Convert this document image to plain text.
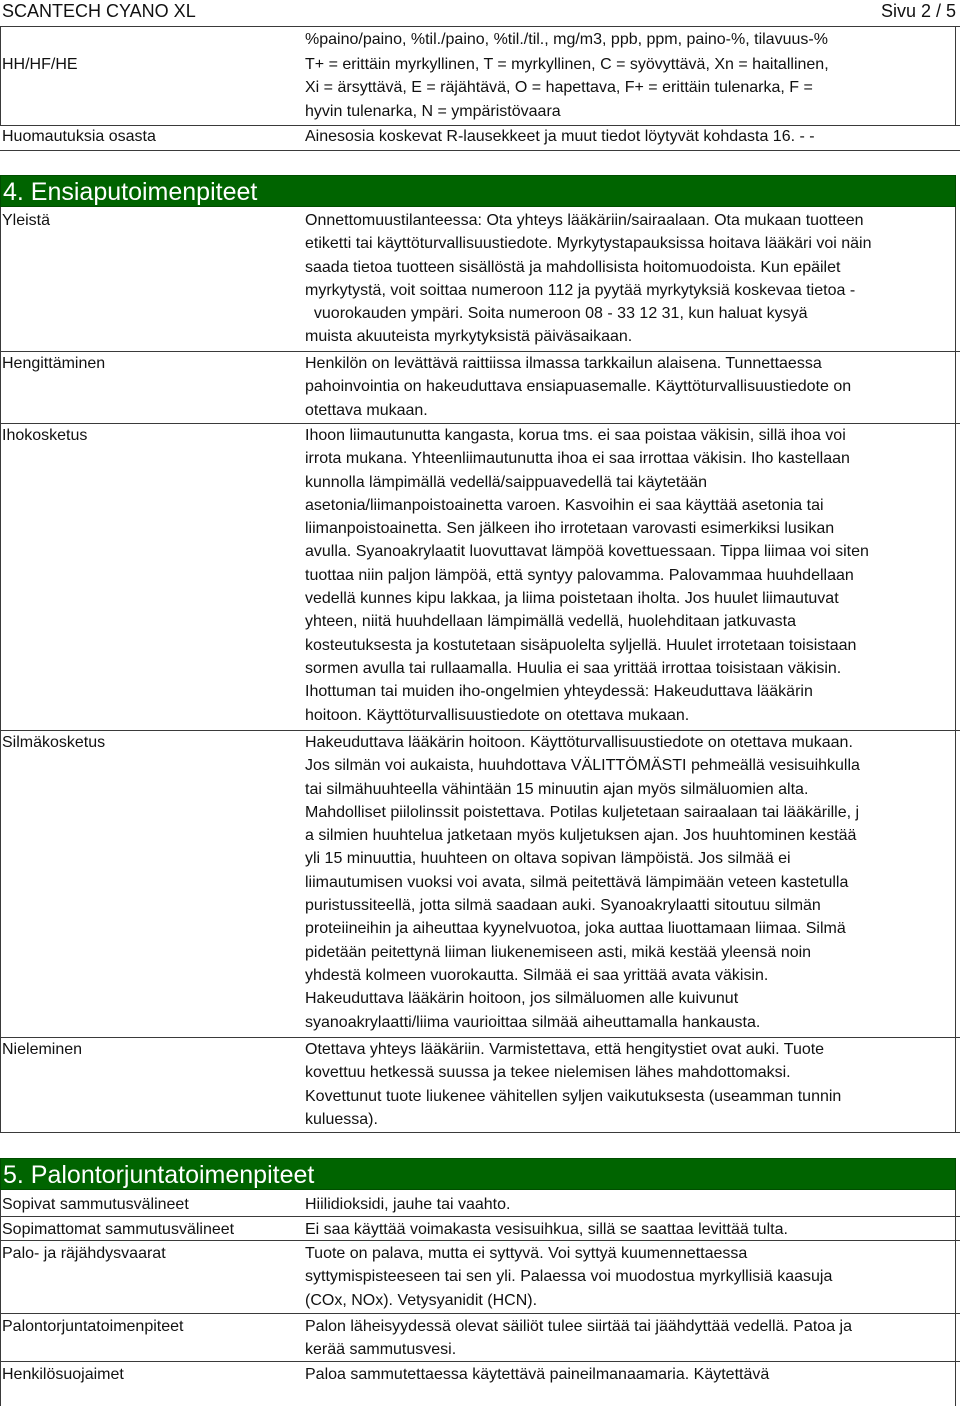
SCANTECH CYANO XL	Sivu 2 / 5

%paino/paino, %til./paino, %til./til., mg/m3, ppb, ppm, paino-%, tilavuus-%

HH/HF/HE	T+ = erittäin myrkyllinen, T = myrkyllinen, C = syövyttävä, Xn = haitallinen,

Xi = ärsyttävä, E = räjähtävä, O = hapettava, F+ = erittäin tulenarka, F =

hyvin tulenarka, N = ympäristövaara

Huomautuksia osasta	Ainesosia koskevat R-lausekkeet ja muut tiedot löytyvät kohdasta 16. - -

4. Ensiaputoimenpiteet
Yleistä	Onnettomuustilanteessa: Ota yhteys lääkäriin/sairaalaan. Ota mukaan tuotteen

etiketti tai käyttöturvallisuustiedote. Myrkytystapauksissa hoitava lääkäri voi näin

saada tietoa tuotteen sisällöstä ja mahdollisista hoitomuodoista. Kun epäilet

myrkytystä, voit soittaa numeroon 112 ja pyytää myrkytyksiä koskevaa tietoa -

vuorokauden ympäri. Soita numeroon 08 - 33 12 31, kun haluat kysyä

muista akuuteista myrkytyksistä päiväsaikaan.

Hengittäminen	Henkilön on levättävä raittiissa ilmassa tarkkailun alaisena. Tunnettaessa

pahoinvointia on hakeuduttava ensiapuasemalle. Käyttöturvallisuustiedote on

otettava mukaan.

Ihokosketus	Ihoon liimautunutta kangasta, korua tms. ei saa poistaa väkisin, sillä ihoa voi

irrota mukana. Yhteenliimautunutta ihoa ei saa irrottaa väkisin. Iho kastellaan

kunnolla lämpimällä vedellä/saippuavedellä tai käytetään

asetonia/liimanpoistoainetta varoen. Kasvoihin ei saa käyttää asetonia tai

liimanpoistoainetta. Sen jälkeen iho irrotetaan varovasti esimerkiksi lusikan

avulla. Syanoakrylaatit luovuttavat lämpöä kovettuessaan. Tippa liimaa voi siten

tuottaa niin paljon lämpöä, että syntyy palovamma. Palovammaa huuhdellaan

vedellä kunnes kipu lakkaa, ja liima poistetaan iholta. Jos huulet liimautuvat

yhteen, niitä huuhdellaan lämpimällä vedellä, huolehditaan jatkuvasta

kosteutuksesta ja kostutetaan sisäpuolelta syljellä. Huulet irrotetaan toisistaan

sormen avulla tai rullaamalla. Huulia ei saa yrittää irrottaa toisistaan väkisin.

Ihottuman tai muiden iho-ongelmien yhteydessä: Hakeuduttava lääkärin

hoitoon. Käyttöturvallisuustiedote on otettava mukaan.

Silmäkosketus	Hakeuduttava lääkärin hoitoon. Käyttöturvallisuustiedote on otettava mukaan.

Jos silmän voi aukaista, huuhdottava VÄLITTÖMÄSTI pehmeällä vesisuihkulla

tai silmähuuhteella vähintään 15 minuutin ajan myös silmäluomien alta.

Mahdolliset piilolinssit poistettava. Potilas kuljetetaan sairaalaan tai lääkärille, j

a silmien huuhtelua jatketaan myös kuljetuksen ajan. Jos huuhtominen kestää

yli 15 minuuttia, huuhteen on oltava sopivan lämpöistä. Jos silmää ei

liimautumisen vuoksi voi avata, silmä peitettävä lämpimään veteen kastetulla

puristussiteellä, jotta silmä saadaan auki. Syanoakrylaatti sitoutuu silmän

proteiineihin ja aiheuttaa kyynelvuotoa, joka auttaa liuottamaan liimaa. Silmä

pidetään peitettynä liiman liukenemiseen asti, mikä kestää yleensä noin

yhdestä kolmeen vuorokautta. Silmää ei saa yrittää avata väkisin.

Hakeuduttava lääkärin hoitoon, jos silmäluomen alle kuivunut

syanoakrylaatti/liima vaurioittaa silmää aiheuttamalla hankausta.

Nieleminen	Otettava yhteys lääkäriin. Varmistettava, että hengitystiet ovat auki. Tuote

kovettuu hetkessä suussa ja tekee nielemisen lähes mahdottomaksi.

Kovettunut tuote liukenee vähitellen syljen vaikutuksesta (useamman tunnin

kuluessa).

5. Palontorjuntatoimenpiteet
Sopivat sammutusvälineet	Hiilidioksidi, jauhe tai vaahto.

Sopimattomat sammutusvälineet	Ei saa käyttää voimakasta vesisuihkua, sillä se saattaa levittää tulta.

Palo- ja räjähdysvaarat	Tuote on palava, mutta ei syttyvä. Voi syttyä kuumennettaessa

syttymispisteeseen tai sen yli. Palaessa voi muodostua myrkyllisiä kaasuja

(COx, NOx). Vetysyanidit (HCN).

Palontorjuntatoimenpiteet	Palon läheisyydessä olevat säiliöt tulee siirtää tai jäähdyttää vedellä. Patoa ja

kerää sammutusvesi.

Henkilösuojaimet	Paloa sammutettaessa käytettävä paineilmanaamaria. Käytettävä
